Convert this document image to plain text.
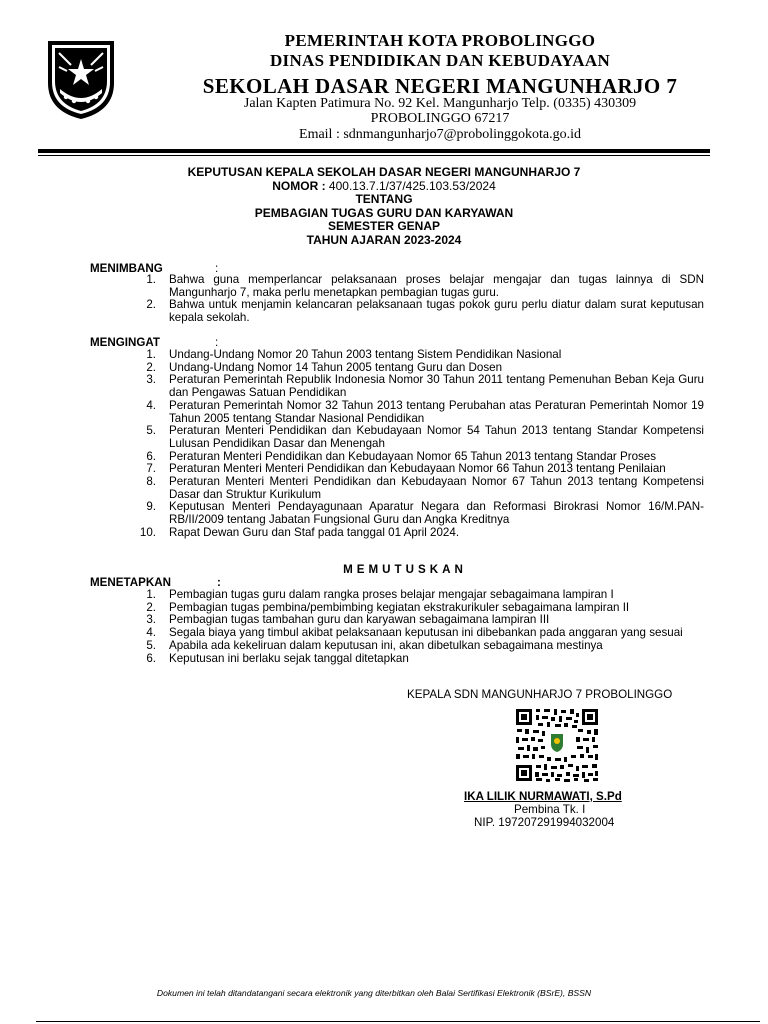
PEMERINTAH KOTA PROBOLINGGO
DINAS PENDIDIKAN DAN KEBUDAYAAN
SEKOLAH DASAR NEGERI MANGUNHARJO 7
Jalan Kapten Patimura No. 92 Kel. Mangunharjo Telp. (0335) 430309
PROBOLINGGO 67217
Email : sdnmangunharjo7@probolinggokota.go.id
KEPUTUSAN KEPALA SEKOLAH DASAR NEGERI MANGUNHARJO 7
NOMOR : 400.13.7.1/37/425.103.53/2024
TENTANG
PEMBAGIAN TUGAS GURU DAN KARYAWAN
SEMESTER GENAP
TAHUN AJARAN 2023-2024
MENIMBANG	:
1. Bahwa guna memperlancar pelaksanaan proses belajar mengajar dan tugas lainnya di SDN Mangunharjo 7, maka perlu menetapkan pembagian tugas guru.
2. Bahwa untuk menjamin kelancaran pelaksanaan tugas pokok guru perlu diatur dalam surat keputusan kepala sekolah.
MENGINGAT	:
1. Undang-Undang Nomor 20 Tahun 2003 tentang Sistem Pendidikan Nasional
2. Undang-Undang Nomor 14 Tahun 2005 tentang Guru dan Dosen
3. Peraturan Pemerintah Republik Indonesia Nomor 30 Tahun 2011 tentang Pemenuhan Beban Keja Guru dan Pengawas Satuan Pendidikan
4. Peraturan Pemerintah Nomor 32 Tahun 2013 tentang Perubahan atas Peraturan Pemerintah Nomor 19 Tahun 2005 tentang Standar Nasional Pendidikan
5. Peraturan Menteri Pendidikan dan Kebudayaan Nomor 54 Tahun 2013 tentang Standar Kompetensi Lulusan Pendidikan Dasar dan Menengah
6. Peraturan Menteri Pendidikan dan Kebudayaan Nomor 65 Tahun 2013 tentang Standar Proses
7. Peraturan Menteri Menteri Pendidikan dan Kebudayaan Nomor 66 Tahun 2013 tentang Penilaian
8. Peraturan Menteri Menteri Pendidikan dan Kebudayaan Nomor 67 Tahun 2013 tentang Kompetensi Dasar dan Struktur Kurikulum
9. Keputusan Menteri Pendayagunaan Aparatur Negara dan Reformasi Birokrasi Nomor 16/M.PAN-RB/II/2009 tentang Jabatan Fungsional Guru dan Angka Kreditnya
10. Rapat Dewan Guru dan Staf pada tanggal 01 April 2024.
MEMUTUSKAN
MENETAPKAN	:
1. Pembagian tugas guru dalam rangka proses belajar mengajar sebagaimana lampiran I
2. Pembagian tugas pembina/pembimbing kegiatan ekstrakurikuler sebagaimana lampiran II
3. Pembagian tugas tambahan guru dan karyawan sebagaimana lampiran III
4. Segala biaya yang timbul akibat pelaksanaan keputusan ini dibebankan pada anggaran yang sesuai
5. Apabila ada kekeliruan dalam keputusan ini, akan dibetulkan sebagaimana mestinya
6. Keputusan ini berlaku sejak tanggal ditetapkan
KEPALA SDN MANGUNHARJO 7 PROBOLINGGO
IKA LILIK NURMAWATI, S.Pd
Pembina Tk. I
NIP. 197207291994032004
Dokumen ini telah ditandatangani secara elektronik yang diterbitkan oleh Balai Sertifikasi Elektronik (BSrE), BSSN
